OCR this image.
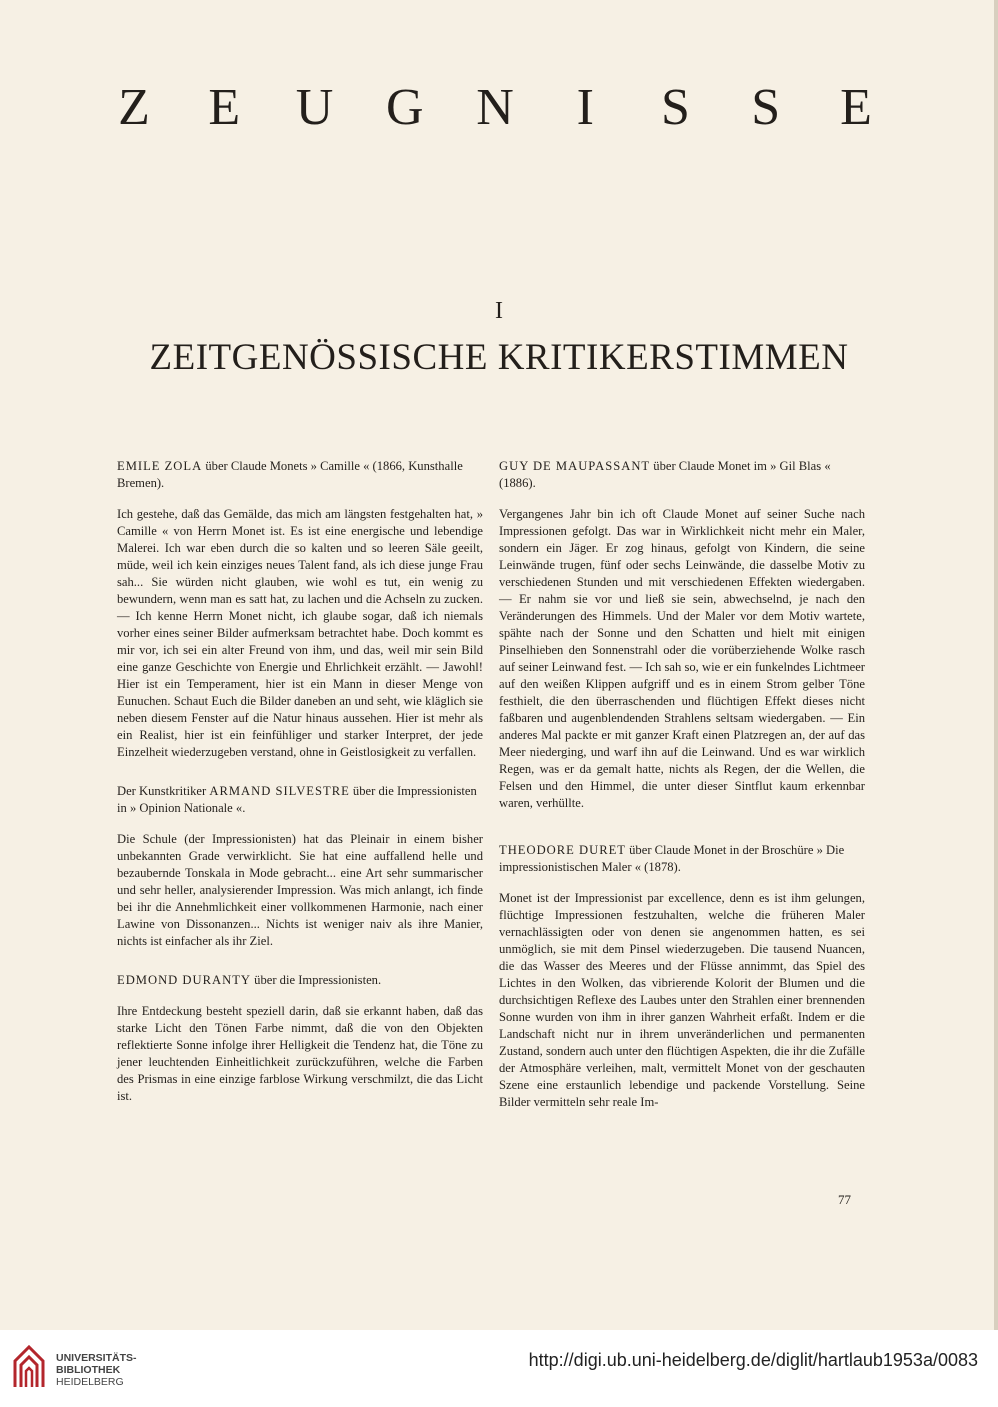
Z E U G N I S S E
I
ZEITGENÖSSISCHE KRITIKERSTIMMEN

EMILE ZOLA über Claude Monets » Camille « (1866, Kunsthalle Bremen).

Ich gestehe, daß das Gemälde, das mich am längsten festgehalten hat, » Camille « von Herrn Monet ist. Es ist eine energische und lebendige Malerei. Ich war eben durch die so kalten und so leeren Säle geeilt, müde, weil ich kein einziges neues Talent fand, als ich diese junge Frau sah... Sie würden nicht glauben, wie wohl es tut, ein wenig zu bewundern, wenn man es satt hat, zu lachen und die Achseln zu zucken. — Ich kenne Herrn Monet nicht, ich glaube sogar, daß ich niemals vorher eines seiner Bilder aufmerksam betrachtet habe. Doch kommt es mir vor, ich sei ein alter Freund von ihm, und das, weil mir sein Bild eine ganze Geschichte von Energie und Ehrlichkeit erzählt. — Jawohl! Hier ist ein Temperament, hier ist ein Mann in dieser Menge von Eunuchen. Schaut Euch die Bilder daneben an und seht, wie kläglich sie neben diesem Fenster auf die Natur hinaus aussehen. Hier ist mehr als ein Realist, hier ist ein feinfühliger und starker Interpret, der jede Einzelheit wiederzugeben verstand, ohne in Geistlosigkeit zu verfallen.

Der Kunstkritiker ARMAND SILVESTRE über die Impressionisten in » Opinion Nationale «.

Die Schule (der Impressionisten) hat das Pleinair in einem bisher unbekannten Grade verwirklicht. Sie hat eine auffallend helle und bezaubernde Tonskala in Mode gebracht... eine Art sehr summarischer und sehr heller, analysierender Impression. Was mich anlangt, ich finde bei ihr die Annehmlichkeit einer vollkommenen Harmonie, nach einer Lawine von Dissonanzen... Nichts ist weniger naiv als ihre Manier, nichts ist einfacher als ihr Ziel.

EDMOND DURANTY über die Impressionisten.

Ihre Entdeckung besteht speziell darin, daß sie erkannt haben, daß das starke Licht den Tönen Farbe nimmt, daß die von den Objekten reflektierte Sonne infolge ihrer Helligkeit die Tendenz hat, die Töne zu jener leuchtenden Einheitlichkeit zurückzuführen, welche die Farben des Prismas in eine einzige farblose Wirkung verschmilzt, die das Licht ist.

GUY DE MAUPASSANT über Claude Monet im » Gil Blas « (1886).

Vergangenes Jahr bin ich oft Claude Monet auf seiner Suche nach Impressionen gefolgt. Das war in Wirklichkeit nicht mehr ein Maler, sondern ein Jäger. Er zog hinaus, gefolgt von Kindern, die seine Leinwände trugen, fünf oder sechs Leinwände, die dasselbe Motiv zu verschiedenen Stunden und mit verschiedenen Effekten wiedergaben. — Er nahm sie vor und ließ sie sein, abwechselnd, je nach den Veränderungen des Himmels. Und der Maler vor dem Motiv wartete, spähte nach der Sonne und den Schatten und hielt mit einigen Pinselhieben den Sonnenstrahl oder die vorüberziehende Wolke rasch auf seiner Leinwand fest. — Ich sah so, wie er ein funkelndes Lichtmeer auf den weißen Klippen aufgriff und es in einem Strom gelber Töne festhielt, die den überraschenden und flüchtigen Effekt dieses nicht faßbaren und augenblendenden Strahlens seltsam wiedergaben. — Ein anderes Mal packte er mit ganzer Kraft einen Platzregen an, der auf das Meer niederging, und warf ihn auf die Leinwand. Und es war wirklich Regen, was er da gemalt hatte, nichts als Regen, der die Wellen, die Felsen und den Himmel, die unter dieser Sintflut kaum erkennbar waren, verhüllte.

THEODORE DURET über Claude Monet in der Broschüre » Die impressionistischen Maler « (1878).

Monet ist der Impressionist par excellence, denn es ist ihm gelungen, flüchtige Impressionen festzuhalten, welche die früheren Maler vernachlässigten oder von denen sie angenommen hatten, es sei unmöglich, sie mit dem Pinsel wiederzugeben. Die tausend Nuancen, die das Wasser des Meeres und der Flüsse annimmt, das Spiel des Lichtes in den Wolken, das vibrierende Kolorit der Blumen und die durchsichtigen Reflexe des Laubes unter den Strahlen einer brennenden Sonne wurden von ihm in ihrer ganzen Wahrheit erfaßt. Indem er die Landschaft nicht nur in ihrem unveränderlichen und permanenten Zustand, sondern auch unter den flüchtigen Aspekten, die ihr die Zufälle der Atmosphäre verleihen, malt, vermittelt Monet von der geschauten Szene eine erstaunlich lebendige und packende Vorstellung. Seine Bilder vermitteln sehr reale Im-

77
UNIVERSITÄTS-
BIBLIOTHEK
HEIDELBERG
http://digi.ub.uni-heidelberg.de/diglit/hartlaub1953a/0083
